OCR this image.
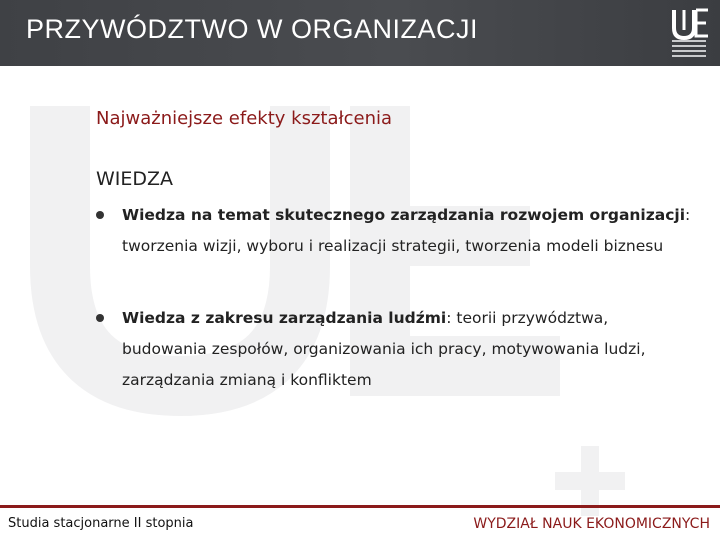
PRZYWÓDZTWO W ORGANIZACJI
Najważniejsze efekty kształcenia
WIEDZA
Wiedza na temat skutecznego zarządzania rozwojem organizacji: tworzenia wizji, wyboru i realizacji strategii, tworzenia modeli biznesu
Wiedza z zakresu zarządzania ludźmi: teorii przywództwa, budowania zespołów, organizowania ich pracy, motywowania ludzi, zarządzania zmianą i konfliktem
Studia stacjonarne II stopnia	WYDZIAŁ NAUK EKONOMICZNYCH
